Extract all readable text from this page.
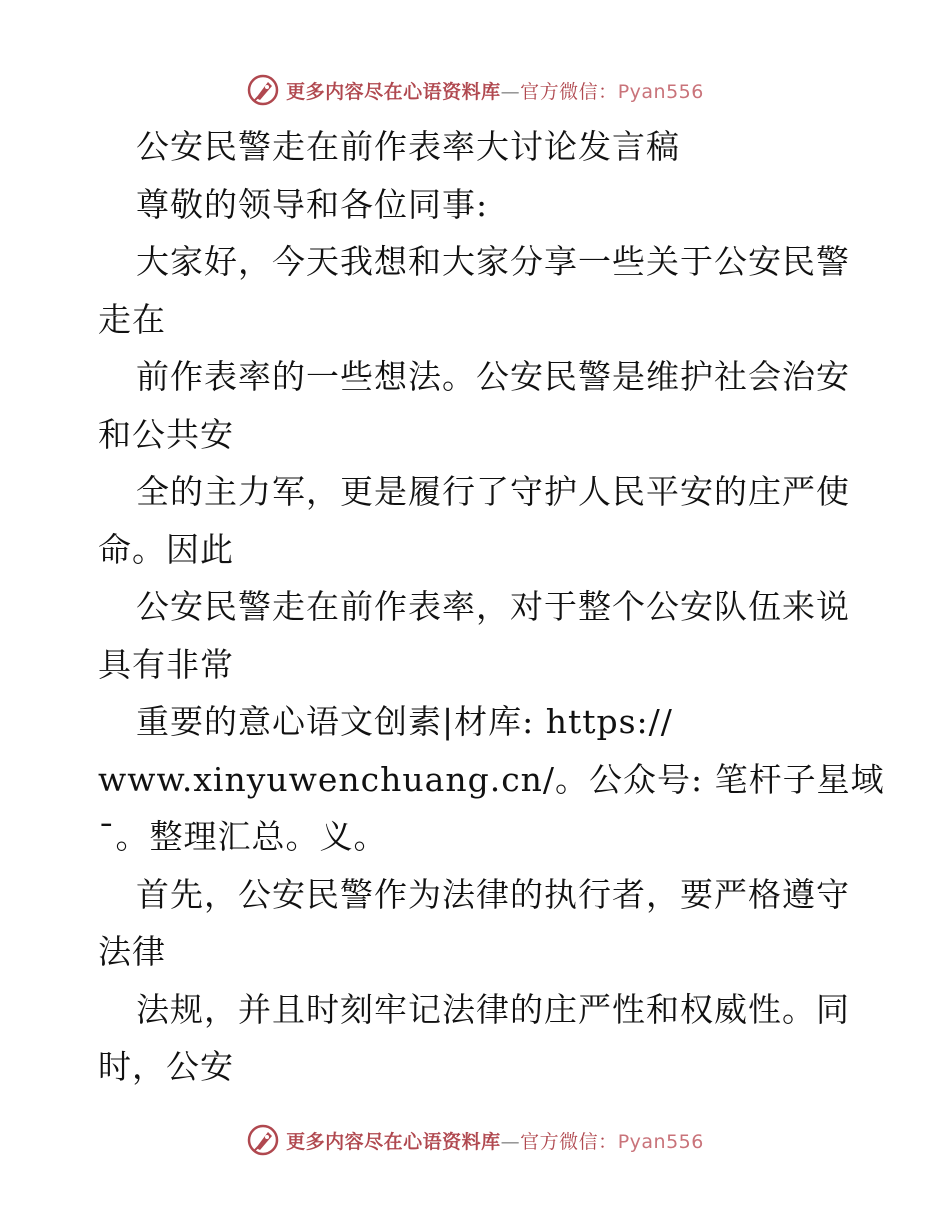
更多内容尽在心语资料库—官方微信：Pyan556
公安民警走在前作表率大讨论发言稿
尊敬的领导和各位同事:
大家好，今天我想和大家分享一些关于公安民警
走在
前作表率的一些想法。公安民警是维护社会治安
和公共安
全的主力军，更是履行了守护人民平安的庄严使
命。因此
公安民警走在前作表率，对于整个公安队伍来说
具有非常
重要的意心语文创素|材库: https://
www.xinyuwenchuang.cn/。公众号: 笔杆子星域
¯。整理汇总。义。
首先，公安民警作为法律的执行者，要严格遵守
法律
法规，并且时刻牢记法律的庄严性和权威性。同
时，公安
更多内容尽在心语资料库—官方微信：Pyan556
